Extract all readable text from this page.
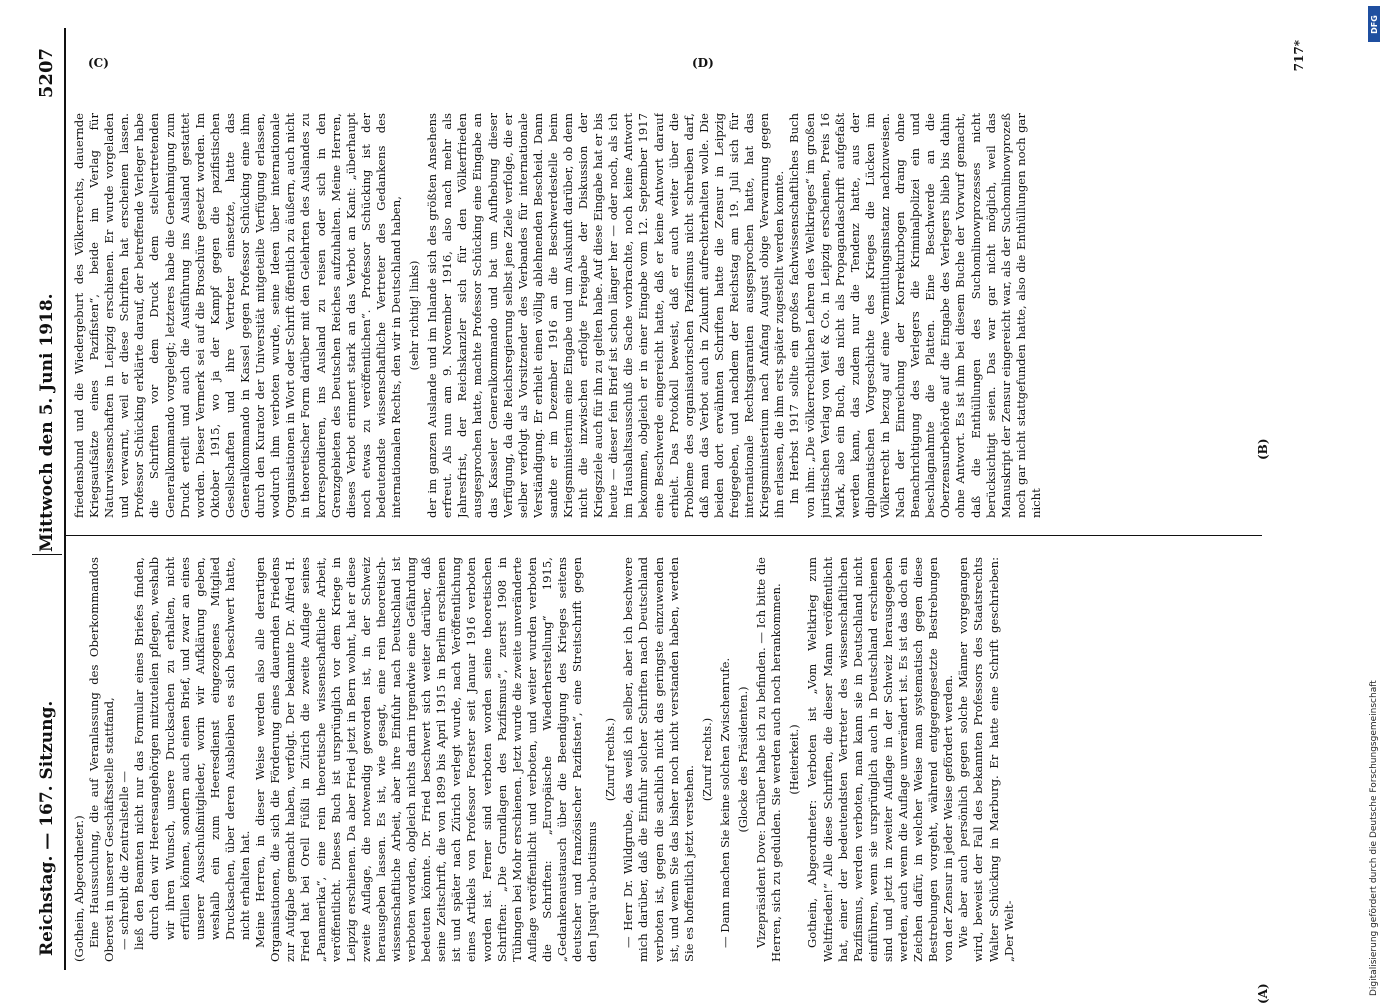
Reichstag. — 167. Sitzung.
Mittwoch den 5. Juni 1918.
5207

(Gothein, Abgeordneter.) Eine Haussuchung, die auf Veranlassung des Oberkommandos Oberost in unserer Geschäftsstelle stattfand, — schreibt die Zentralstelle — ließ den Beamten nicht nur das Formular eines Briefes finden, durch den wir Heeresangehörigen mitzuteilen pflegen, weshalb wir ihren Wunsch, unsere Drucksachen zu erhalten, nicht erfüllen können, sondern auch einen Brief, und zwar an eines unserer Ausschußmitglieder, worin wir Aufklärung geben, weshalb ein zum Heeresdienst eingezogenes Mitglied Drucksachen, über deren Ausbleiben es sich beschwert hatte, nicht erhalten hat. Meine Herren, in dieser Weise werden also alle derartigen Organisationen, die sich die Förderung eines dauernden Friedens zur Aufgabe gemacht haben, verfolgt. Der bekannte Dr. Alfred H. Fried hat bei Orell Füßli in Zürich die zweite Auflage seines „Panamerika“, eine rein theoretische wissenschaftliche Arbeit, veröffentlicht. Dieses Buch ist ursprünglich vor dem Kriege in Leipzig erschienen. Da aber Fried jetzt in Bern wohnt, hat er diese zweite Auflage, die notwendig geworden ist, in der Schweiz herausgeben lassen. Es ist, wie gesagt, eine rein theoretisch-wissenschaftliche Arbeit, aber ihre Einfuhr nach Deutschland ist verboten worden, obgleich nichts darin irgendwie eine Gefährdung bedeuten könnte. Dr. Fried beschwert sich weiter darüber, daß seine Zeitschrift, die von 1899 bis April 1915 in Berlin erschienen ist und später nach Zürich verlegt wurde, nach Veröffentlichung eines Artikels von Professor Foerster seit Januar 1916 verboten worden ist. Ferner sind verboten worden seine theoretischen Schriften: „Die Grundlagen des Pazifismus“, zuerst 1908 in Tübingen bei Mohr erschienen. Jetzt wurde die zweite unveränderte Auflage veröffentlicht und verboten, und weiter wurden verboten die Schriften: „Europäische Wiederherstellung“ 1915, „Gedankenaustausch über die Beendigung des Krieges seitens deutscher und französischer Pazifisten“, eine Streitschrift gegen den Jusqu'au-boutismus

(Zuruf rechts.) — Herr Dr. Wildgrube, das weiß ich selber, aber ich beschwere mich darüber, daß die Einfuhr solcher Schriften nach Deutschland verboten ist, gegen die sachlich nicht das geringste einzuwenden ist, und wenn Sie das bisher noch nicht verstanden haben, werden Sie es hoffentlich jetzt verstehen.

(Zuruf rechts.) — Dann machen Sie keine solchen Zwischenrufe. (Glocke des Präsidenten.) Vizepräsident Dove: Darüber habe ich zu befinden. — Ich bitte die Herren, sich zu gedulden. Sie werden auch noch herankommen. (Heiterkeit.) Gothein, Abgeordneter: Verboten ist „Vom Weltkrieg zum Weltfrieden!“ Alle diese Schriften, die dieser Mann veröffentlicht hat, einer der bedeutendsten Vertreter des wissenschaftlichen Pazifismus, werden verboten, man kann sie in Deutschland nicht einführen, wenn sie ursprünglich auch in Deutschland erschienen sind und jetzt in zweiter Auflage in der Schweiz herausgegeben werden, auch wenn die Auflage unverändert ist. Es ist das doch ein Zeichen dafür, in welcher Weise man systematisch gegen diese Bestrebungen vorgeht, während entgegengesetzte Bestrebungen von der Zensur in jeder Weise gefördert werden. Wie aber auch persönlich gegen solche Männer vorgegangen wird, beweist der Fall des bekannten Professors des Staatsrechts Walter Schücking in Marburg. Er hatte eine Schrift geschrieben: „Der Welt-

friedensbund und die Wiedergeburt des Völkerrechts, dauernde Kriegsaufsätze eines Pazifisten“, beide im Verlag für Naturwissenschaften in Leipzig erschienen. Er wurde vorgeladen und verwarnt, weil er diese Schriften hat erscheinen lassen. Professor Schücking erklärte darauf, der betreffende Verleger habe die Schriften vor dem Druck dem stellvertretenden Generalkommando vorgelegt; letzteres habe die Genehmigung zum Druck erteilt und auch die Ausführung ins Ausland gestattet worden. Dieser Vermerk sei auf die Broschüre gesetzt worden. Im Oktober 1915, wo ja der Kampf gegen die pazifistischen Gesellschaften und ihre Vertreter einsetzte, hatte das Generalkommando in Kassel gegen Professor Schücking eine ihm durch den Kurator der Universität mitgeteilte Verfügung erlassen, wodurch ihm verboten wurde, seine Ideen über internationale Organisationen in Wort oder Schrift öffentlich zu äußern, auch nicht in theoretischer Form darüber mit den Gelehrten des Auslandes zu korrespondieren, ins Ausland zu reisen oder sich in den Grenzgebieten des Deutschen Reiches aufzuhalten. Meine Herren, dieses Verbot erinnert stark an das Verbot an Kant: „überhaupt noch etwas zu veröffentlichen“. Professor Schücking ist der bedeutendste wissenschaftliche Vertreter des Gedankens des internationalen Rechts, den wir in Deutschland haben, (sehr richtig! links) der im ganzen Auslande und im Inlande sich des größten Ansehens erfreut. Als nun am 9. November 1916, also nach mehr als Jahresfrist, der Reichskanzler sich für den Völkerfrieden ausgesprochen hatte, machte Professor Schücking eine Eingabe an das Kasseler Generalkommando und bat um Aufhebung dieser Verfügung, da die Reichsregierung selbst jene Ziele verfolge, die er selber verfolgt als Vorsitzender des Verbandes für internationale Verständigung. Er erhielt einen völlig ablehnenden Bescheid. Dann sandte er im Dezember 1916 an die Beschwerdestelle beim Kriegsministerium eine Eingabe und um Auskunft darüber, ob denn nicht die inzwischen erfolgte Freigabe der Diskussion der Kriegsziele auch für ihn zu gelten habe. Auf diese Eingabe hat er bis heute — dieser fein Brief ist schon länger her — oder noch, als ich im Haushaltsausschuß die Sache vorbrachte, noch keine Antwort bekommen, obgleich er in einer Eingabe vom 12. September 1917 eine Beschwerde eingereicht hatte, daß er keine Antwort darauf erhielt. Das Protokoll beweist, daß er auch weiter über die Probleme des organisatorischen Pazifismus nicht schreiben darf, daß man das Verbot auch in Zukunft aufrechterhalten wolle. Die beiden dort erwähnten Schriften hatte die Zensur in Leipzig freigegeben, und nachdem der Reichstag am 19. Juli sich für internationale Rechtsgarantien ausgesprochen hatte, hat das Kriegsministerium nach Anfang August obige Verwarnung gegen ihn erlassen, die ihm erst später zugestellt werden konnte. Im Herbst 1917 sollte ein großes fachwissenschaftliches Buch von ihm: „Die völkerrechtlichen Lehren des Weltkrieges“ im großen juristischen Verlag von Veit & Co. in Leipzig erscheinen, Preis 16 Mark, also ein Buch, das nicht als Propagandaschrift aufgefaßt werden kann, das zudem nur die Tendenz hatte, aus der diplomatischen Vorgeschichte des Krieges die Lücken im Völkerrecht in bezug auf eine Vermittlungsinstanz nachzuweisen. Nach der Einreichung der Korrekturbogen drang ohne Benachrichtigung des Verlegers die Kriminalpolizei ein und beschlagnahmte die Platten. Eine Beschwerde an die Oberzensurbehörde auf die Eingabe des Verlegers blieb bis dahin ohne Antwort. Es ist ihm bei diesem Buche der Vorwurf gemacht, daß die Enthüllungen des Suchomlinowprozesses nicht berücksichtigt seien. Das war gar nicht möglich, weil das Manuskript der Zensur eingereicht war, als der Suchomlinowprozeß noch gar nicht stattgefunden hatte, also die Enthüllungen noch gar nicht

(A)
(B)
717*
(C)	(D)
DFG
Digitalisierung gefördert durch die Deutsche Forschungsgemeinschaft
